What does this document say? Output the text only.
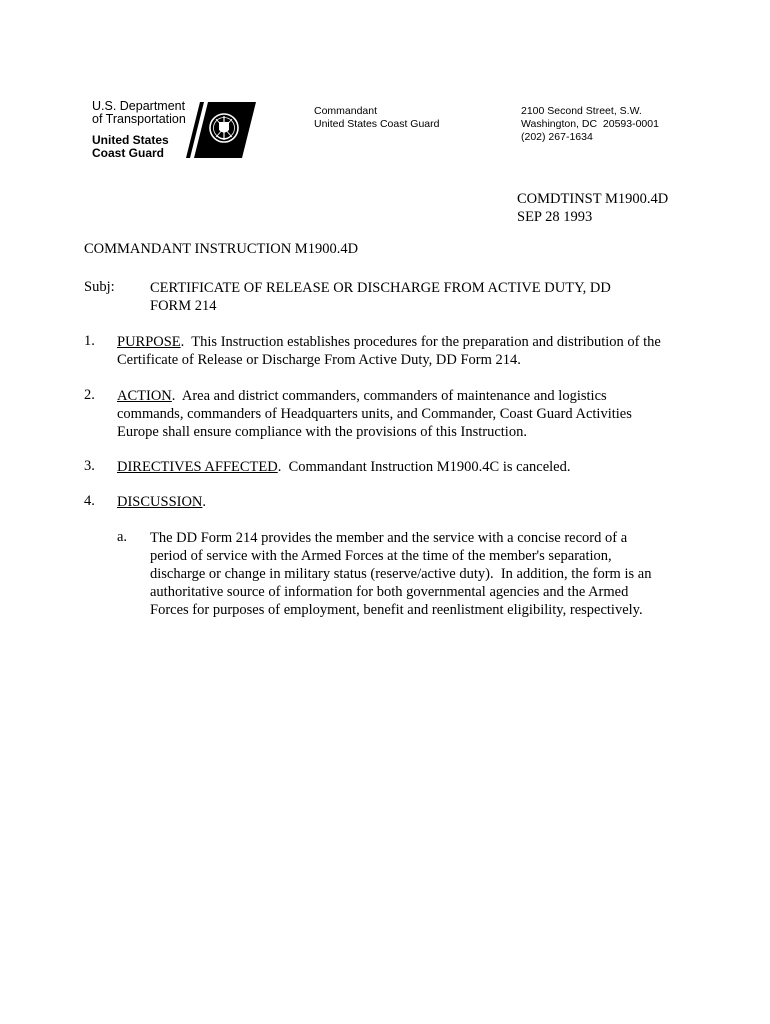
U.S. Department
of Transportation
United States
Coast Guard
Commandant
United States Coast Guard
2100 Second Street, S.W.
Washington, DC  20593-0001
(202) 267-1634
COMDTINST M1900.4D
SEP 28 1993
COMMANDANT INSTRUCTION M1900.4D
Subj: CERTIFICATE OF RELEASE OR DISCHARGE FROM ACTIVE DUTY, DD
FORM 214
1. PURPOSE.  This Instruction establishes procedures for the preparation and distribution of the
Certificate of Release or Discharge From Active Duty, DD Form 214.
2. ACTION.  Area and district commanders, commanders of maintenance and logistics
commands, commanders of Headquarters units, and Commander, Coast Guard Activities
Europe shall ensure compliance with the provisions of this Instruction.
3. DIRECTIVES AFFECTED.  Commandant Instruction M1900.4C is canceled.
4. DISCUSSION.
a. The DD Form 214 provides the member and the service with a concise record of a
period of service with the Armed Forces at the time of the member's separation,
discharge or change in military status (reserve/active duty).  In addition, the form is an
authoritative source of information for both governmental agencies and the Armed
Forces for purposes of employment, benefit and reenlistment eligibility, respectively.
